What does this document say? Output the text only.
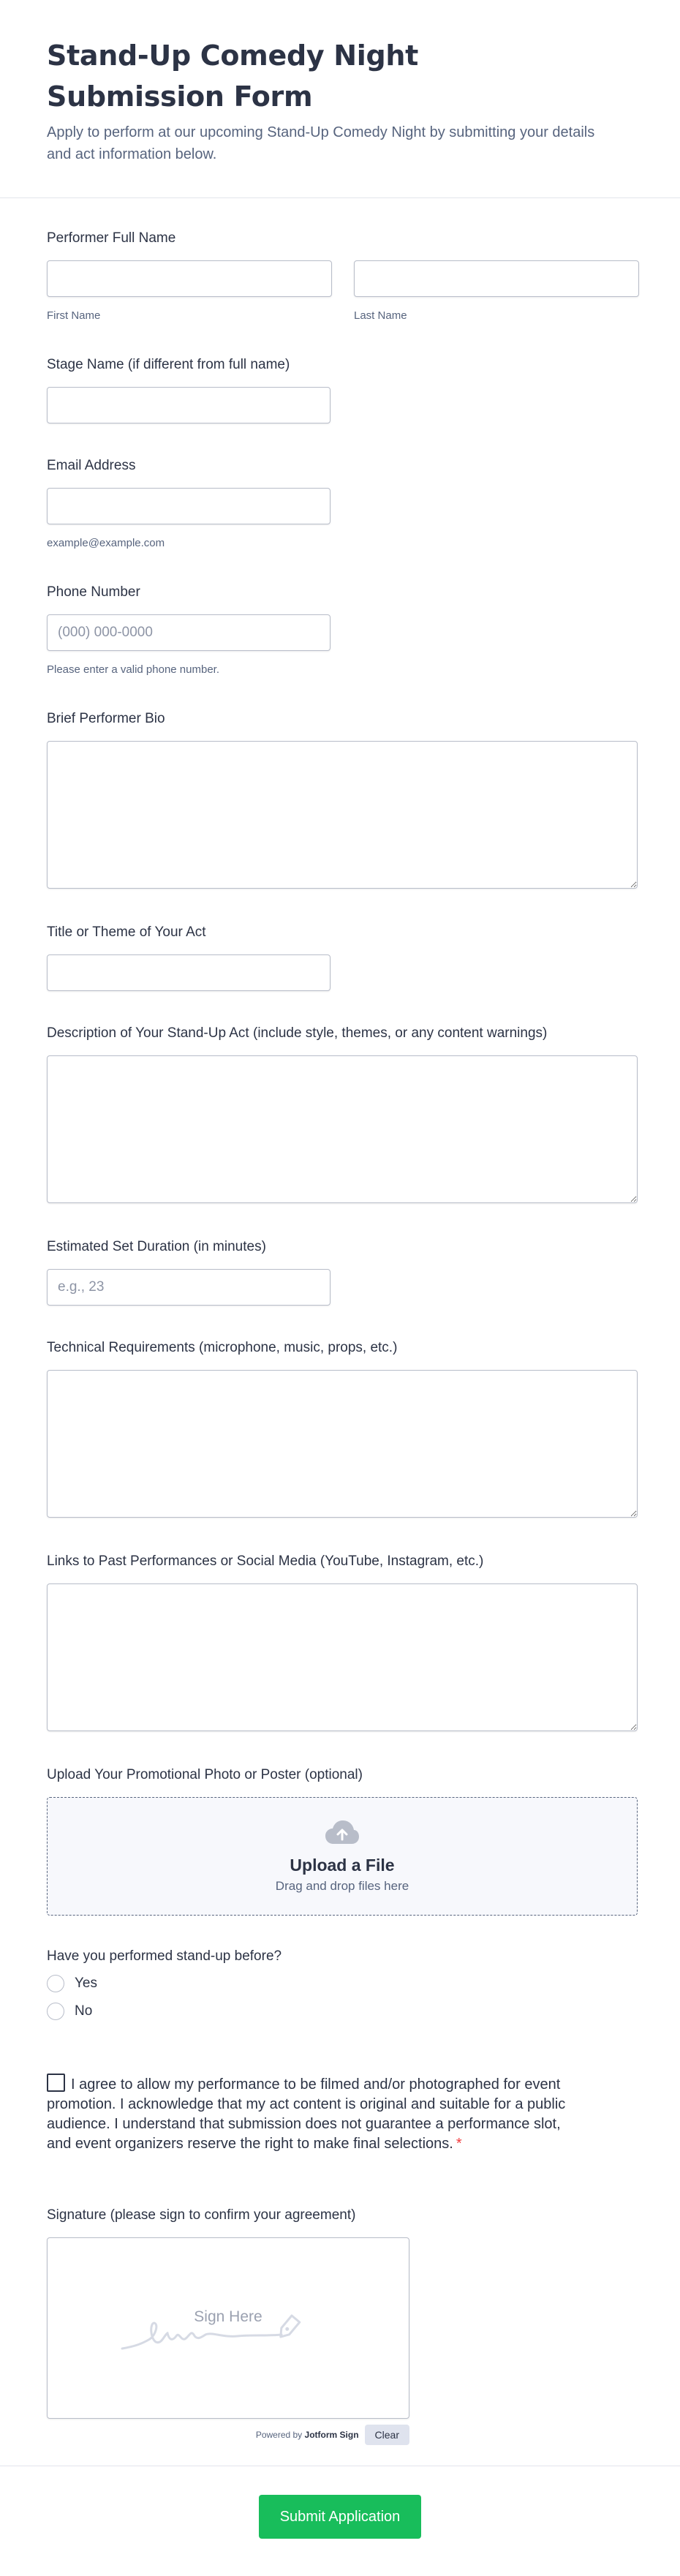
Stand-Up Comedy Night Submission Form

Apply to perform at our upcoming Stand-Up Comedy Night by submitting your details and act information below.

Performer Full Name
First Name	Last Name
Stage Name (if different from full name)
Email Address
example@example.com
Phone Number
(000) 000-0000
Please enter a valid phone number.
Brief Performer Bio
Title or Theme of Your Act
Description of Your Stand-Up Act (include style, themes, or any content warnings)
Estimated Set Duration (in minutes)
e.g., 23
Technical Requirements (microphone, music, props, etc.)
Links to Past Performances or Social Media (YouTube, Instagram, etc.)
Upload Your Promotional Photo or Poster (optional)
Upload a File
Drag and drop files here
Have you performed stand-up before?
Yes
No
I agree to allow my performance to be filmed and/or photographed for event promotion. I acknowledge that my act content is original and suitable for a public audience. I understand that submission does not guarantee a performance slot, and event organizers reserve the right to make final selections. *
Signature (please sign to confirm your agreement)
Sign Here
Powered by Jotform Sign	Clear
Submit Application
